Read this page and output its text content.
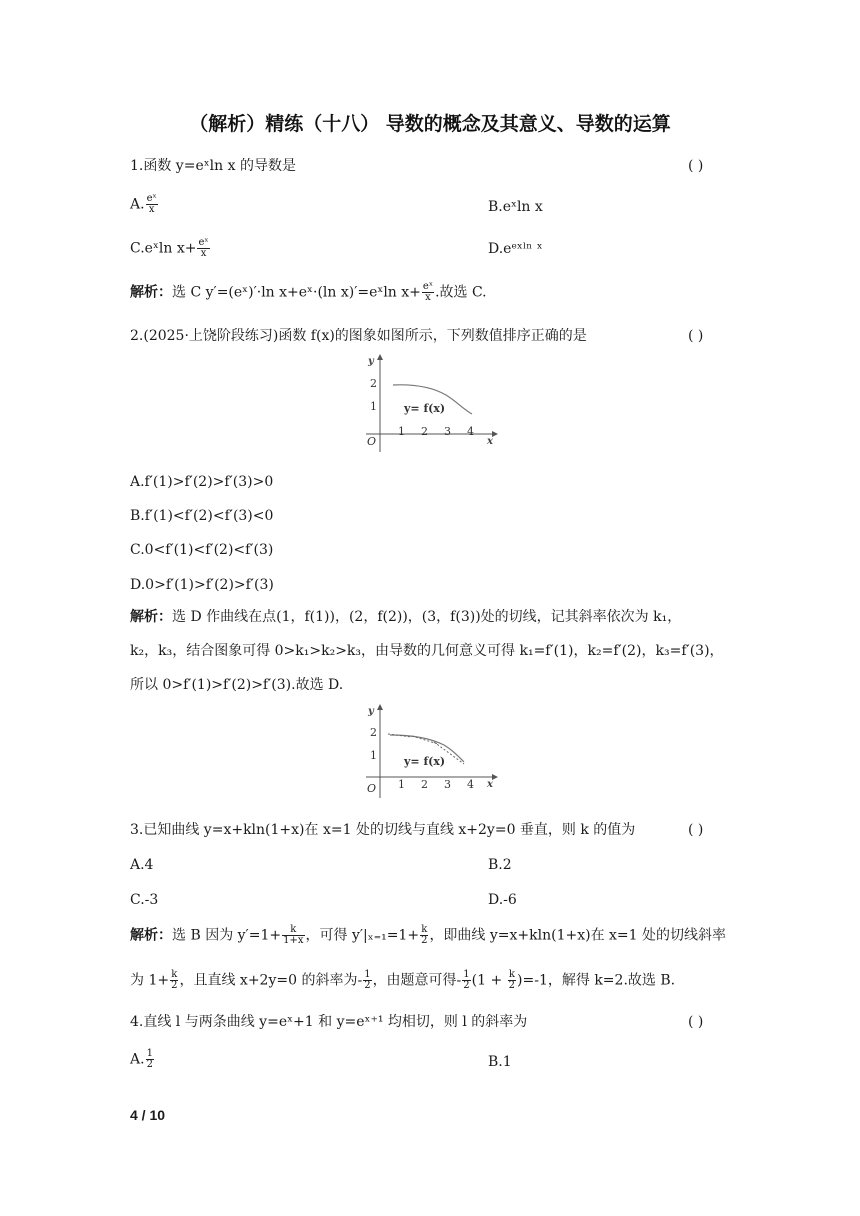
（解析）精练（十八） 导数的概念及其意义、导数的运算
1.函数 y=eˣln x 的导数是	( )
A. $\frac{\text{eˣ}}{x}$	B.eˣln x
C.eˣln $x+ \frac{\text{eˣ}}{x}$	D.eᵉˣˡⁿ ˣ
解析：选 C y′=(eˣ)′·ln x+eˣ·(ln x)′=eˣln $x+ \frac{\text{eˣ}}{x}$ .故选 C.
2.(2025·上饶阶段练习)函数 f(x)的图象如图所示，下列数值排序正确的是	( )
y
x
O
1 2 3 4
2
1 y= f(x)
A.f′(1)>f′(2)>f′(3)>0
B.f′(1)<f′(2)<f′(3)<0
C.0<f′(1)<f′(2)<f′(3)
D.0>f′(1)>f′(2)>f′(3)
解析：选 D 作曲线在点(1，f(1))，(2，f(2))，(3，f(3))处的切线，记其斜率依次为 k₁，
k₂，k₃，结合图象可得 0>k₁>k₂>k₃，由导数的几何意义可得 k₁=f′(1)，k₂=f′(2)，k₃=f′(3)，
所以 0>f′(1)>f′(2)>f′(3).故选 D.
y
x
O 1 2 3 4
2
1 y= f(x)
3.已知曲线 y=x+kln(1+x)在 x=1 处的切线与直线 x+2y=0 垂直，则 k 的值为	( )
A.4	B.2
C.-3	D.-6
解析：选 B 因为 $y'=1+ \frac{k}{1+x}$ ，可得 $y'|_{x=1}=1+ \frac{k}{2}$ ，即曲线 y=x+kln(1+x)在 x=1 处的切线斜率
为 $1+ \frac{k}{2}$ ，且直线 x+2y=0 的斜率为- $\frac{1}{2}$ ，由题意可得- $\frac{1}{2} (1 + \frac{k}{2} )=-1$，解得 k=2.故选 B.
4.直线 l 与两条曲线 y=eˣ+1 和 y=eˣ⁺¹ 均相切，则 l 的斜率为	( )
A. $\frac{1}{2}$	B.1
4 / 10
